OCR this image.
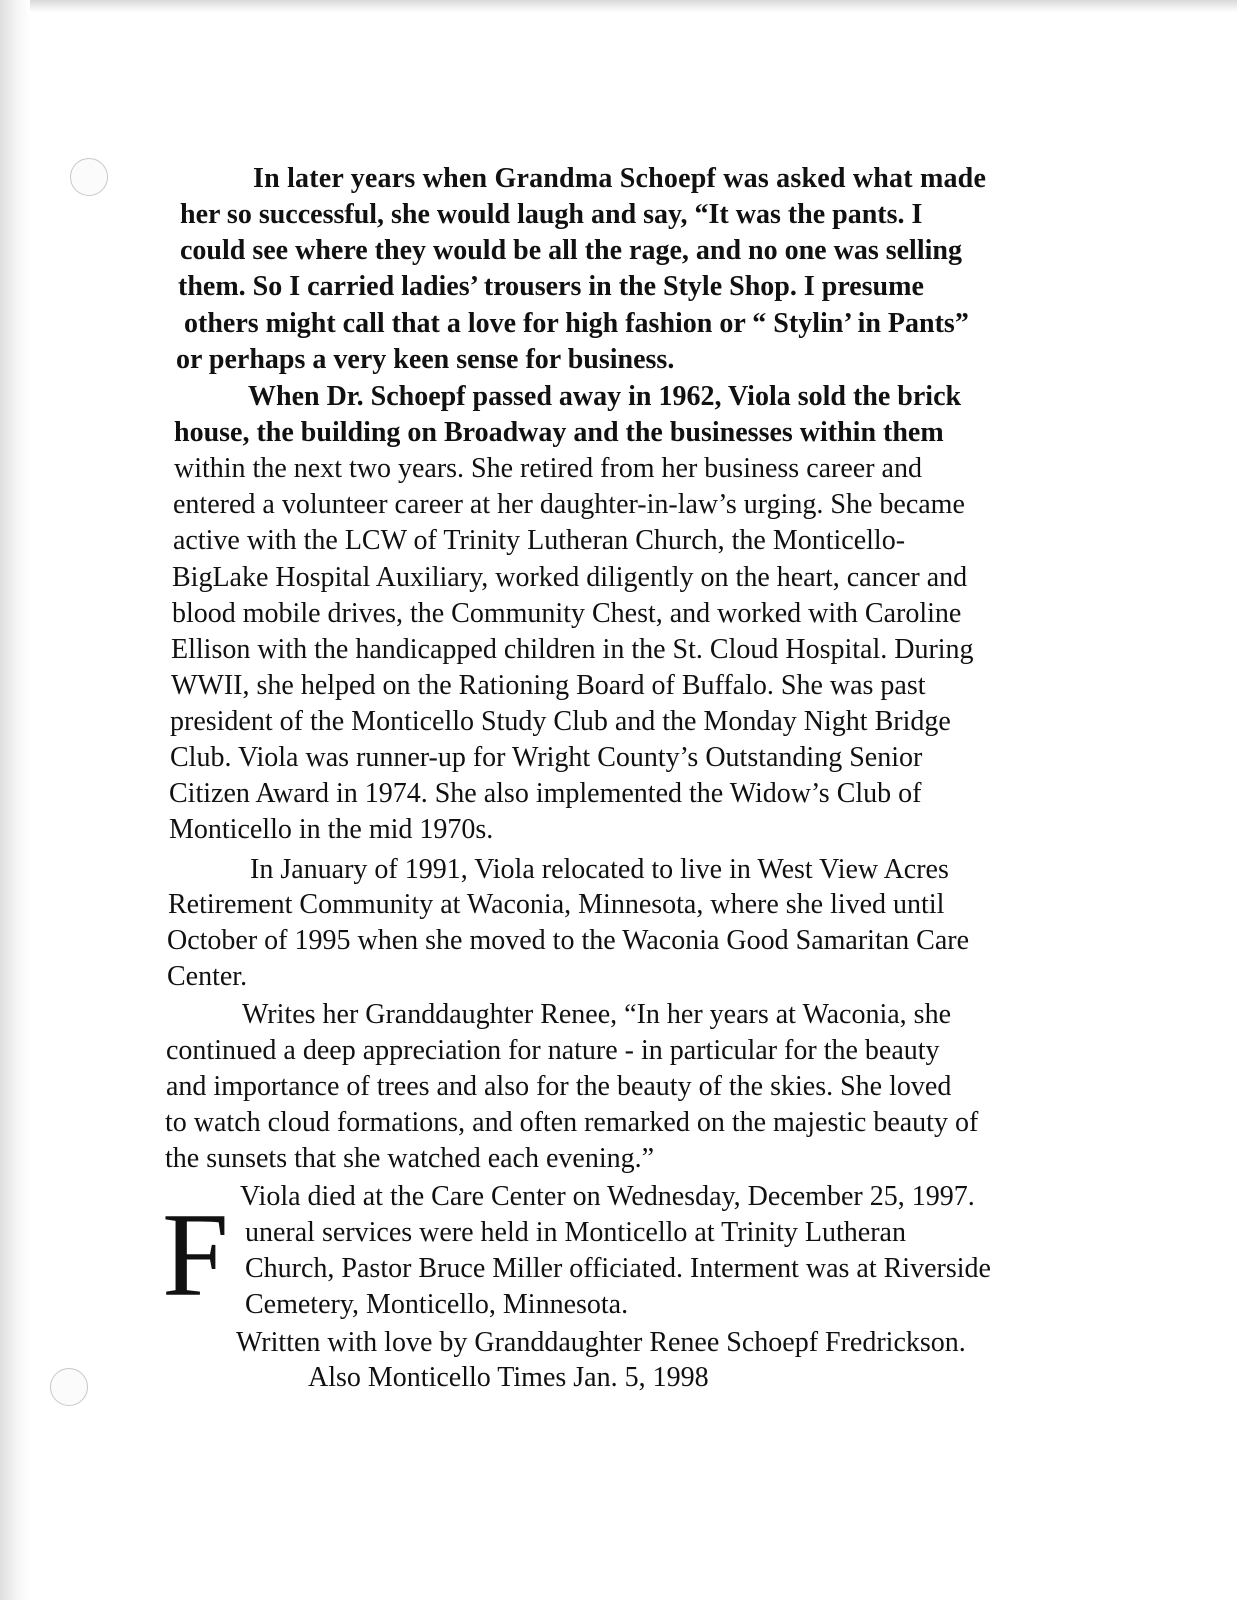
In later years when Grandma Schoepf was asked what made
her so successful, she would laugh and say, “It was the pants. I
could see where they would be all the rage, and no one was selling
them. So I carried ladies’ trousers in the Style Shop. I presume
others might call that a love for high fashion or “ Stylin’ in Pants”
or perhaps a very keen sense for business.
When Dr. Schoepf passed away in 1962, Viola sold the brick
house, the building on Broadway and the businesses within them
within the next two years. She retired from her business career and
entered a volunteer career at her daughter-in-law’s urging. She became
active with the LCW of Trinity Lutheran Church, the Monticello-
BigLake Hospital Auxiliary, worked diligently on the heart, cancer and
blood mobile drives, the Community Chest, and worked with Caroline
Ellison with the handicapped children in the St. Cloud Hospital. During
WWII, she helped on the Rationing Board of Buffalo. She was past
president of the Monticello Study Club and the Monday Night Bridge
Club. Viola was runner-up for Wright County’s Outstanding Senior
Citizen Award in 1974. She also implemented the Widow’s Club of
Monticello in the mid 1970s.
In January of 1991, Viola relocated to live in West View Acres
Retirement Community at Waconia, Minnesota, where she lived until
October of 1995 when she moved to the Waconia Good Samaritan Care
Center.
Writes her Granddaughter Renee, “In her years at Waconia, she
continued a deep appreciation for nature - in particular for the beauty
and importance of trees and also for the beauty of the skies. She loved
to watch cloud formations, and often remarked on the majestic beauty of
the sunsets that she watched each evening.”
Viola died at the Care Center on Wednesday, December 25, 1997.
F uneral services were held in Monticello at Trinity Lutheran
Church, Pastor Bruce Miller officiated. Interment was at Riverside
Cemetery, Monticello, Minnesota.
Written with love by Granddaughter Renee Schoepf Fredrickson.
Also Monticello Times Jan. 5, 1998
